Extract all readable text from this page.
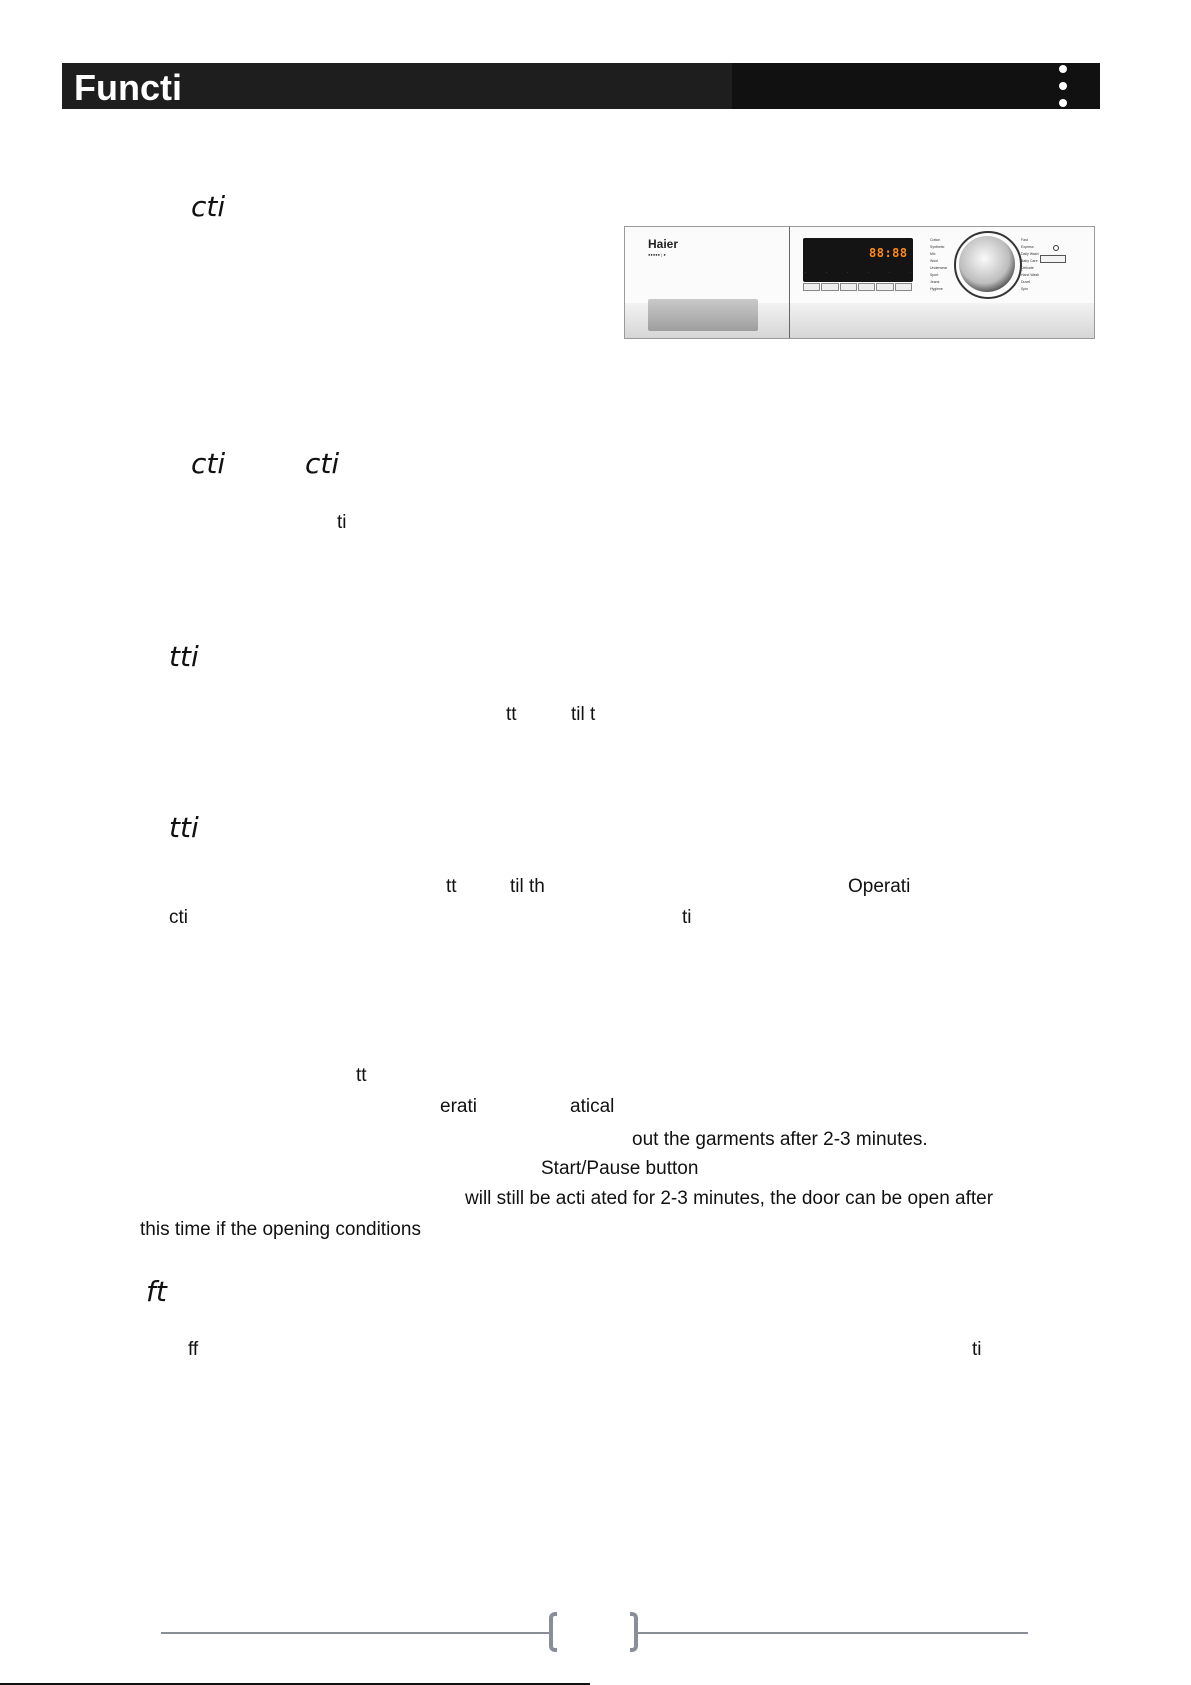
Functi
cti
cti	cti
tti
tti
ft
ti
tt	til t
tt	til th	Operati
cti	ti
tt
erati	atical
out the garments after 2-3 minutes.
Start/Pause button
will still be acti ated for 2-3 minutes, the door can be open after
this time if the opening conditions
ff	ti
Haier
●●●●● | ●	88:88
·	·	·	·	·	·
Cotton
Synthetic
Mix
Wool
Underwear
Sport
Jeans
Hygiene
Fast
Express
Daily Wash
Baby Care
Delicate
Hand Wash
Duvet
Spin
